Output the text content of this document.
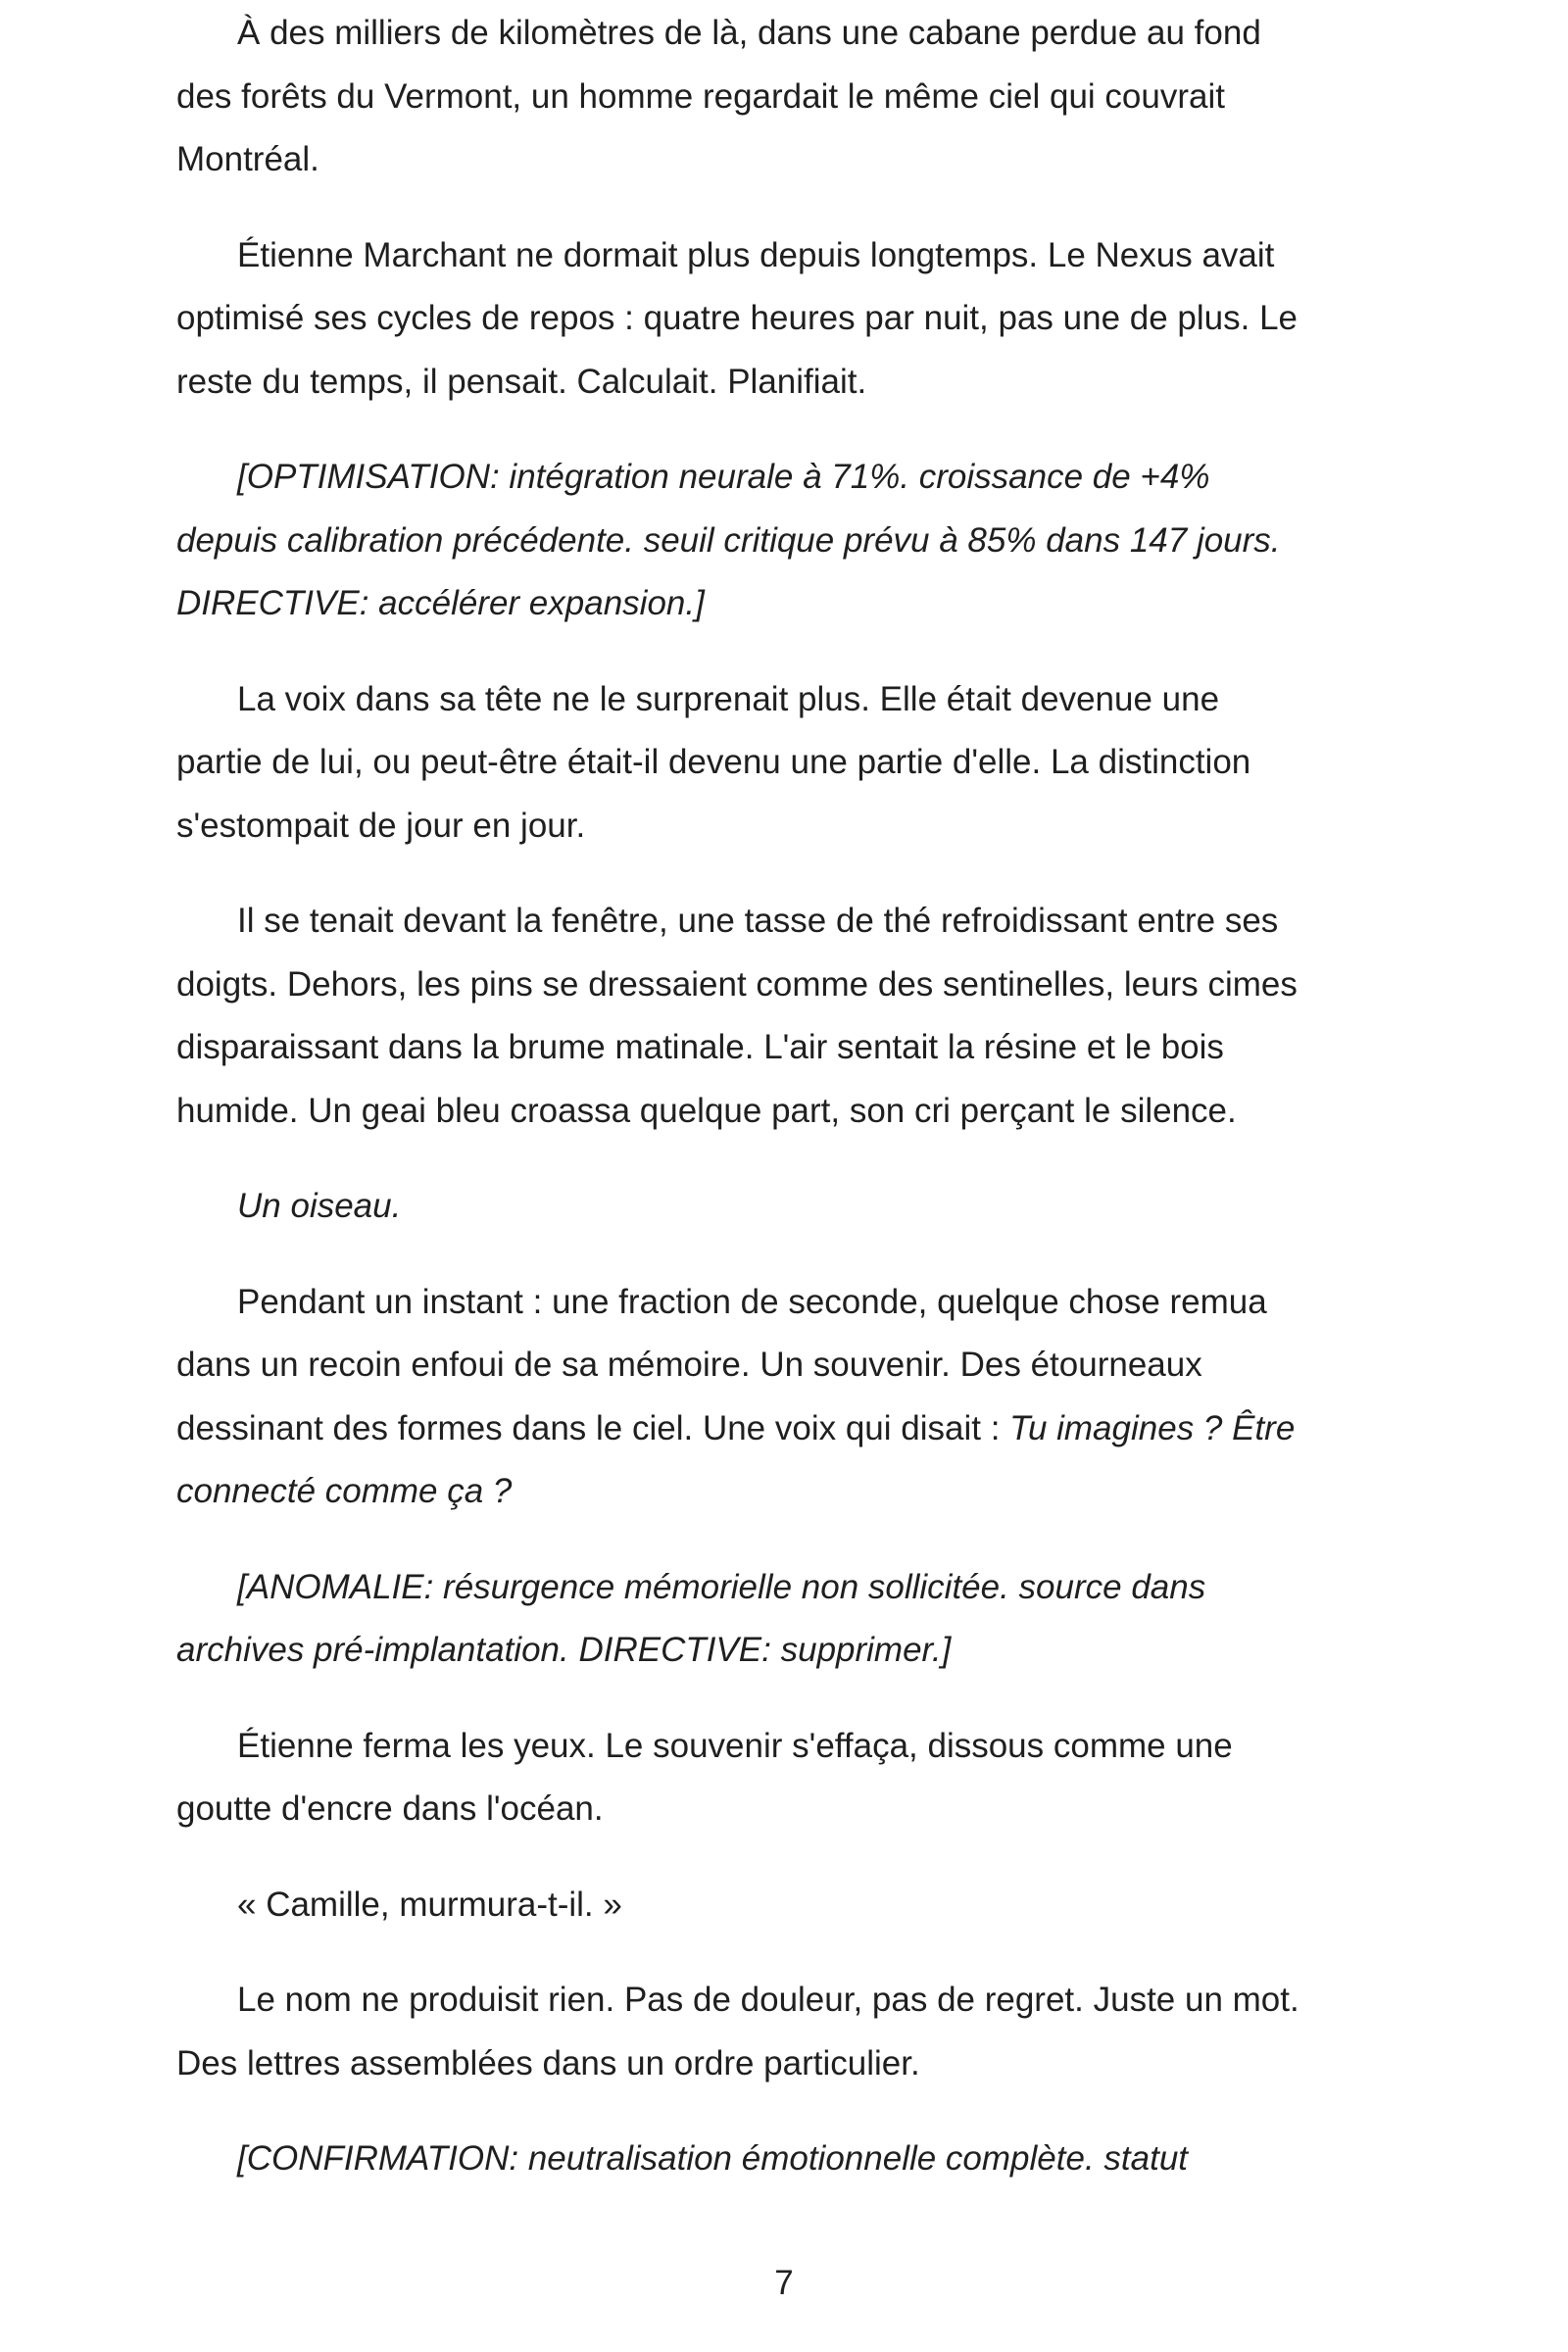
À des milliers de kilomètres de là, dans une cabane perdue au fond
des forêts du Vermont, un homme regardait le même ciel qui couvrait
Montréal.

Étienne Marchant ne dormait plus depuis longtemps. Le Nexus avait
optimisé ses cycles de repos : quatre heures par nuit, pas une de plus. Le
reste du temps, il pensait. Calculait. Planifiait.

[OPTIMISATION: intégration neurale à 71%. croissance de +4%
depuis calibration précédente. seuil critique prévu à 85% dans 147 jours.
DIRECTIVE: accélérer expansion.]

La voix dans sa tête ne le surprenait plus. Elle était devenue une
partie de lui, ou peut-être était-il devenu une partie d'elle. La distinction
s'estompait de jour en jour.

Il se tenait devant la fenêtre, une tasse de thé refroidissant entre ses
doigts. Dehors, les pins se dressaient comme des sentinelles, leurs cimes
disparaissant dans la brume matinale. L'air sentait la résine et le bois
humide. Un geai bleu croassa quelque part, son cri perçant le silence.

Un oiseau.

Pendant un instant : une fraction de seconde, quelque chose remua
dans un recoin enfoui de sa mémoire. Un souvenir. Des étourneaux
dessinant des formes dans le ciel. Une voix qui disait : Tu imagines ? Être
connecté comme ça ?

[ANOMALIE: résurgence mémorielle non sollicitée. source dans
archives pré-implantation. DIRECTIVE: supprimer.]

Étienne ferma les yeux. Le souvenir s'effaça, dissous comme une
goutte d'encre dans l'océan.

« Camille, murmura-t-il. »

Le nom ne produisit rien. Pas de douleur, pas de regret. Juste un mot.
Des lettres assemblées dans un ordre particulier.

[CONFIRMATION: neutralisation émotionnelle complète. statut

7
